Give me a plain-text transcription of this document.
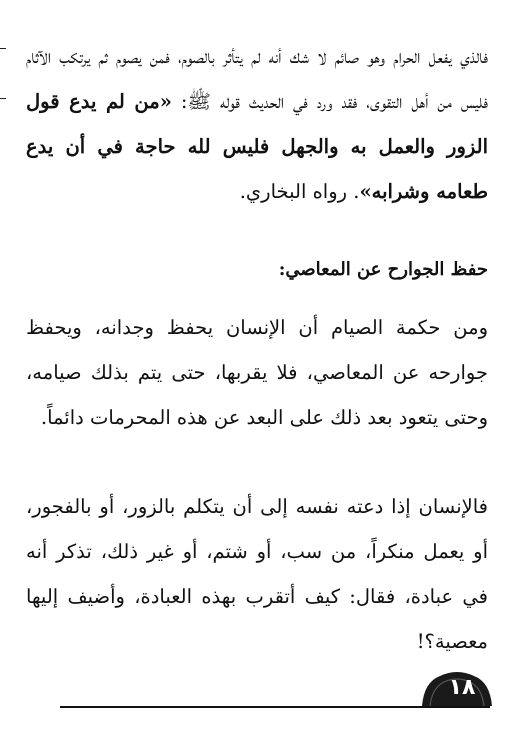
فالذي يفعل الحرام وهو صائم لا شك أنه لم يتأثر بالصوم، فمن يصوم ثم يرتكب الآثام فليس من أهل التقوى، فقد ورد في الحديث قوله ﷺ: «من لم يدع قول الزور والعمل به والجهل فليس لله حاجة في أن يدع طعامه وشرابه». رواه البخاري.

حفظ الجوارح عن المعاصي:

ومن حكمة الصيام أن الإنسان يحفظ وجدانه، ويحفظ جوارحه عن المعاصي، فلا يقربها، حتى يتم بذلك صيامه، وحتى يتعود بعد ذلك على البعد عن هذه المحرمات دائماً.

فالإنسان إذا دعته نفسه إلى أن يتكلم بالزور، أو بالفجور، أو يعمل منكراً، من سب، أو شتم، أو غير ذلك، تذكر أنه في عبادة، فقال: كيف أتقرب بهذه العبادة، وأضيف إليها معصية؟!

١٨
